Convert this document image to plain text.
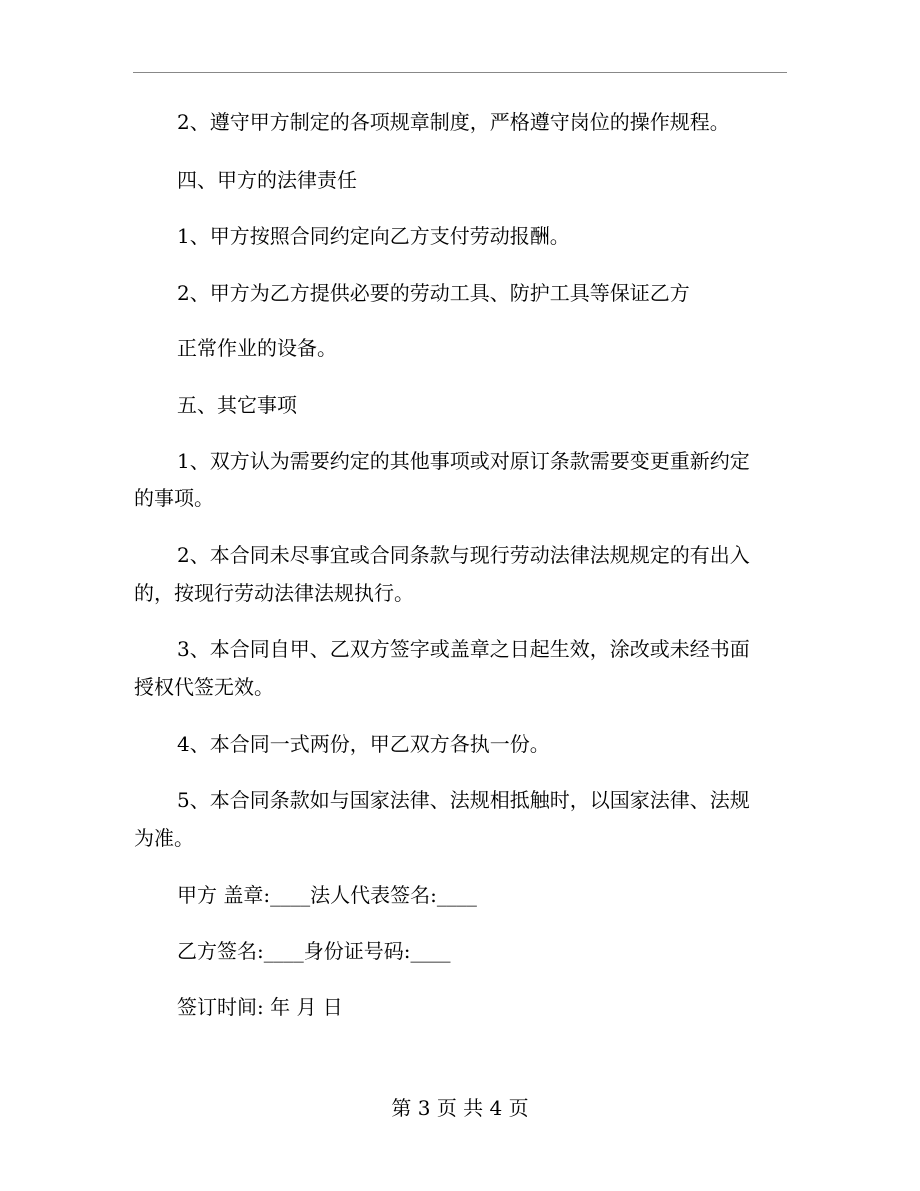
2、遵守甲方制定的各项规章制度，严格遵守岗位的操作规程。
四、甲方的法律责任
1、甲方按照合同约定向乙方支付劳动报酬。
2、甲方为乙方提供必要的劳动工具、防护工具等保证乙方
正常作业的设备。
五、其它事项
1、双方认为需要约定的其他事项或对原订条款需要变更重新约定
的事项。
2、本合同未尽事宜或合同条款与现行劳动法律法规规定的有出入
的，按现行劳动法律法规执行。
3、本合同自甲、乙双方签字或盖章之日起生效，涂改或未经书面
授权代签无效。
4、本合同一式两份，甲乙双方各执一份。
5、本合同条款如与国家法律、法规相抵触时，以国家法律、法规
为准。
甲方 盖章:____法人代表签名:____
乙方签名:____身份证号码:____
签订时间: 年 月 日
第 3 页 共 4 页
